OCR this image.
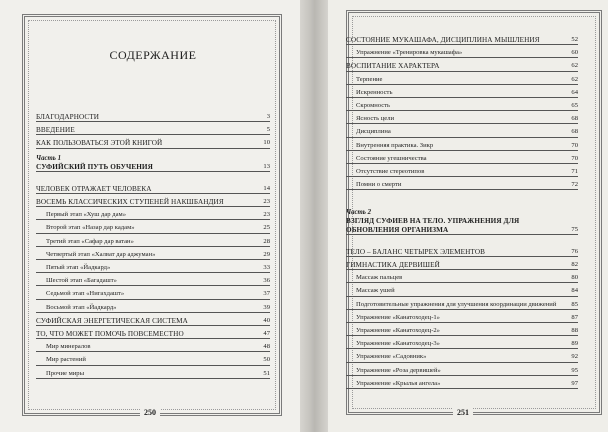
СОДЕРЖАНИЕ
БЛАГОДАРНОСТИ	3
ВВЕДЕНИЕ	5
КАК ПОЛЬЗОВАТЬСЯ ЭТОЙ КНИГОЙ	10
Часть 1
СУФИЙСКИЙ ПУТЬ ОБУЧЕНИЯ	13
ЧЕЛОВЕК ОТРАЖАЕТ ЧЕЛОВЕКА	14
ВОСЕМЬ КЛАССИЧЕСКИХ СТУПЕНЕЙ НАКШБАНДИЯ	23
Первый этап «Хуш дар дам»	23
Второй этап «Назар дар кадам»	25
Третий этап «Сафар дар ватан»	28
Четвертый этап «Халват дар аджуман»	29
Пятый этап «Йадкард»	33
Шестой этап «Багадашт»	36
Седьмой этап «Нигахдашт»	37
Восьмой этап «Йадкард»	39
СУФИЙСКАЯ ЭНЕРГЕТИЧЕСКАЯ СИСТЕМА	40
ТО, ЧТО МОЖЕТ ПОМОЧЬ ПОВСЕМЕСТНО	47
Мир минералов	48
Мир растений	50
Прочие миры	51
СОСТОЯНИЕ МУКАШАФА, ДИСЦИПЛИНА МЫШЛЕНИЯ	52
Упражнение «Тренировка мукашафа»	60
ВОСПИТАНИЕ ХАРАКТЕРА	62
Терпение	62
Искренность	64
Скромность	65
Ясность цели	68
Дисциплина	68
Внутренняя практика. Зикр	70
Состояние угешничества	70
Отсутствие стереотипов	71
Помни о смерти	72
Часть 2
ВЗГЛЯД СУФИЕВ НА ТЕЛО. УПРАЖНЕНИЯ ДЛЯ ОБНОВЛЕНИЯ ОРГАНИЗМА	75
ТЕЛО – БАЛАНС ЧЕТЫРЕХ ЭЛЕМЕНТОВ	76
ГИМНАСТИКА ДЕРВИШЕЙ	82
Массаж пальцев	80
Массаж ушей	84
Подготовительные упражнения для улучшения координации движений	85
Упражнение «Канатоходец-1»	87
Упражнение «Канатоходец-2»	88
Упражнение «Канатоходец-3»	89
Упражнение «Садовник»	92
Упражнение «Роза дервишей»	95
Упражнение «Крылья ангела»	97
250	251
